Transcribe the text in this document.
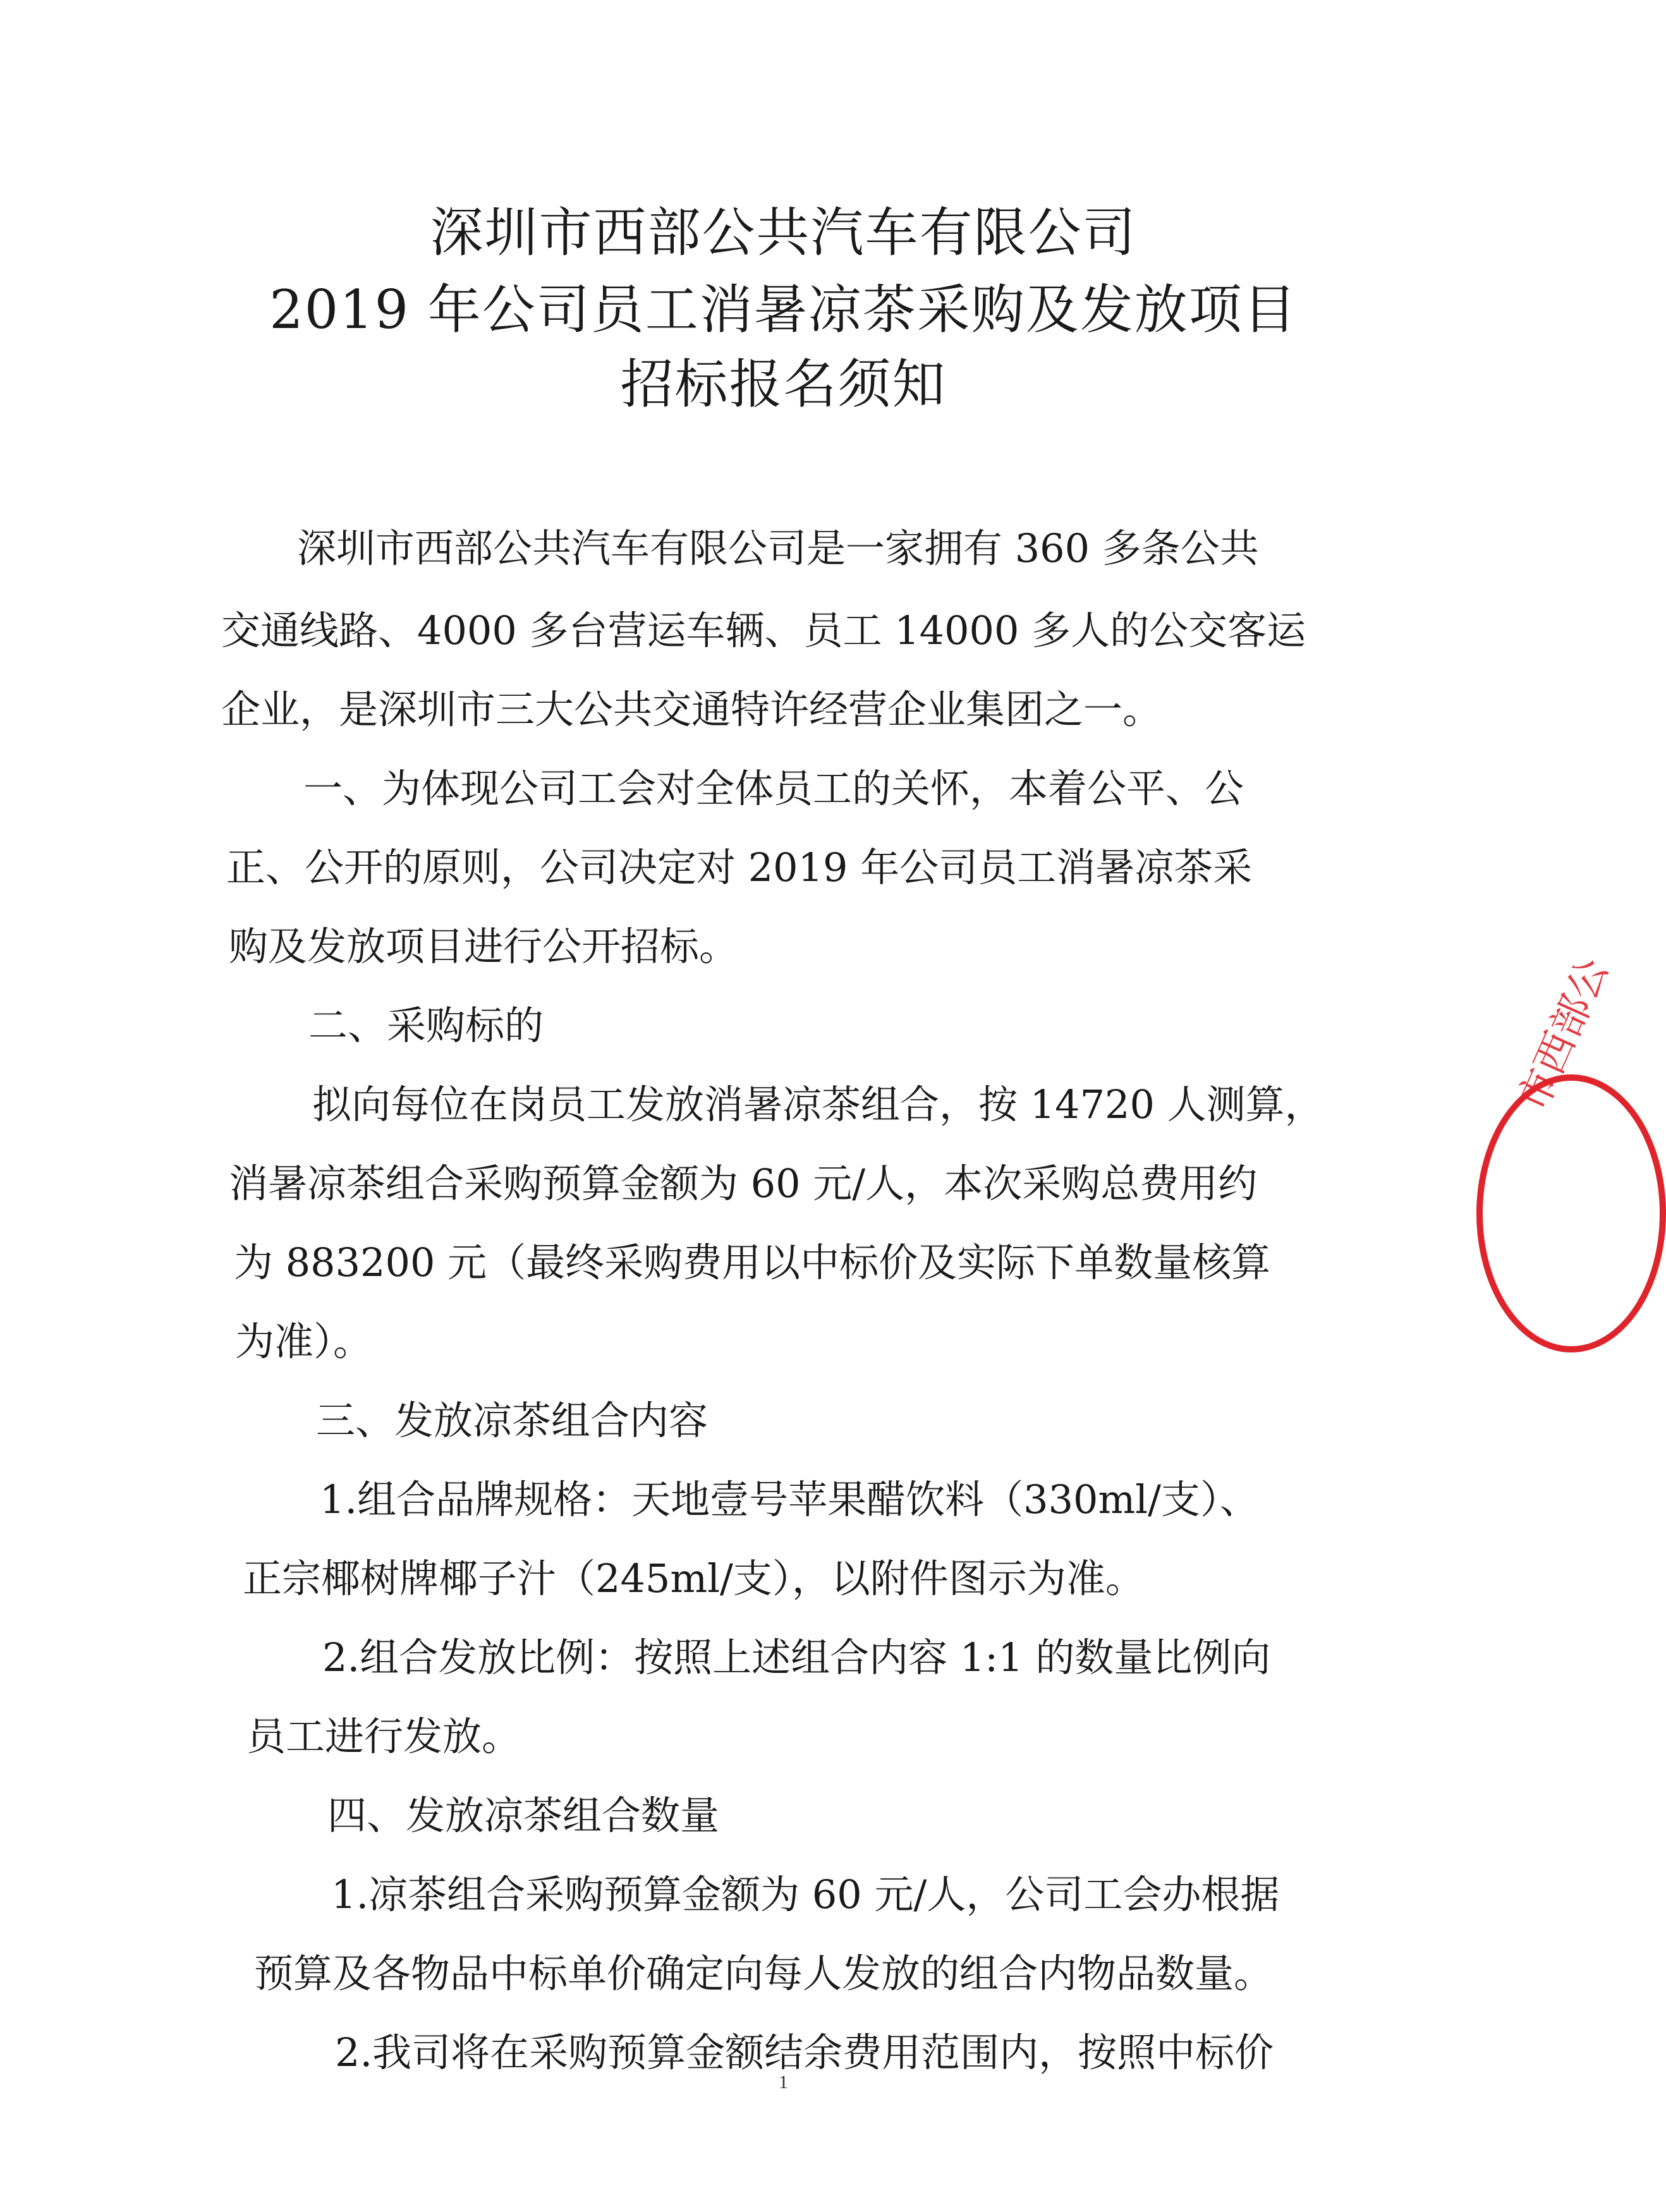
深圳市西部公共汽车有限公司
2019 年公司员工消暑凉茶采购及发放项目
招标报名须知
深圳市西部公共汽车有限公司是一家拥有 360 多条公共
交通线路、4000 多台营运车辆、员工 14000 多人的公交客运
企业，是深圳市三大公共交通特许经营企业集团之一。
一、为体现公司工会对全体员工的关怀，本着公平、公
正、公开的原则，公司决定对 2019 年公司员工消暑凉茶采
购及发放项目进行公开招标。
二、采购标的
拟向每位在岗员工发放消暑凉茶组合，按 14720 人测算，
消暑凉茶组合采购预算金额为 60 元/人，本次采购总费用约
为 883200 元（最终采购费用以中标价及实际下单数量核算
为准）。
三、发放凉茶组合内容
1.组合品牌规格：天地壹号苹果醋饮料（330ml/支）、
正宗椰树牌椰子汁（245ml/支），以附件图示为准。
2.组合发放比例：按照上述组合内容 1:1 的数量比例向
员工进行发放。
四、发放凉茶组合数量
1.凉茶组合采购预算金额为 60 元/人，公司工会办根据
预算及各物品中标单价确定向每人发放的组合内物品数量。
2.我司将在采购预算金额结余费用范围内，按照中标价
1
市西部公
